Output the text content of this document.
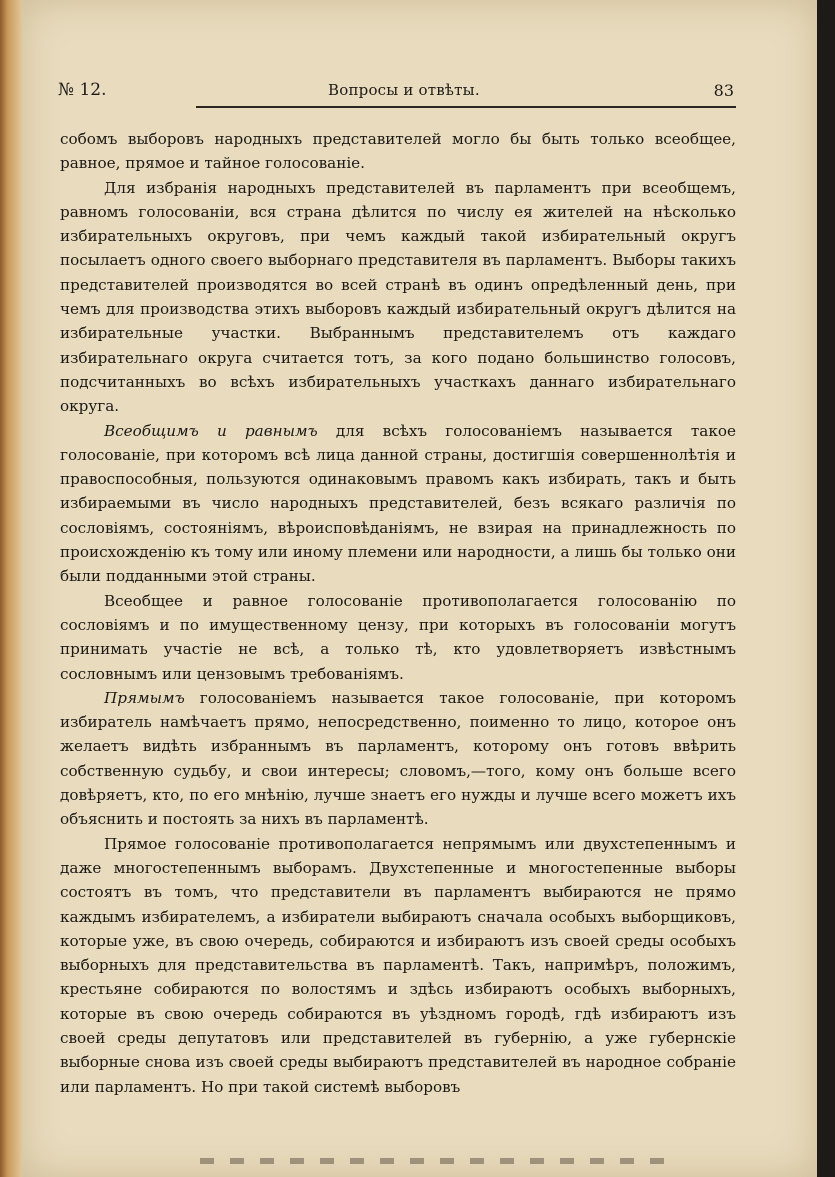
№ 12.	Вопросы и отвѣты.	83

собомъ выборовъ народныхъ представителей могло бы быть только всеобщее, равное, прямое и тайное голосованіе.

Для избранія народныхъ представителей въ парламентъ при всеобщемъ, равномъ голосованіи, вся страна дѣлится по числу ея жителей на нѣсколько избирательныхъ округовъ, при чемъ каждый такой избирательный округъ посылаетъ одного своего выборнаго представителя въ парламентъ. Выборы такихъ представителей производятся во всей странѣ въ одинъ опредѣленный день, при чемъ для производства этихъ выборовъ каждый избирательный округъ дѣлится на избирательные участки. Выбраннымъ представителемъ отъ каждаго избирательнаго округа считается тотъ, за кого подано большинство голосовъ, подсчитанныхъ во всѣхъ избирательныхъ участкахъ даннаго избирательнаго округа.

Всеобщимъ и равнымъ для всѣхъ голосованіемъ называется такое голосованіе, при которомъ всѣ лица данной страны, достигшія совершеннолѣтія и правоспособныя, пользуются одинаковымъ правомъ какъ избирать, такъ и быть избираемыми въ число народныхъ представителей, безъ всякаго различія по сословіямъ, состояніямъ, вѣроисповѣданіямъ, не взирая на принадлежность по происхожденію къ тому или иному племени или народности, а лишь бы только они были подданными этой страны.

Всеобщее и равное голосованіе противополагается голосованію по сословіямъ и по имущественному цензу, при которыхъ въ голосованіи могутъ принимать участіе не всѣ, а только тѣ, кто удовлетворяетъ извѣстнымъ сословнымъ или цензовымъ требованіямъ.

Прямымъ голосованіемъ называется такое голосованіе, при которомъ избиратель намѣчаетъ прямо, непосредственно, поименно то лицо, которое онъ желаетъ видѣть избраннымъ въ парламентъ, которому онъ готовъ ввѣрить собственную судьбу, и свои интересы; словомъ,—того, кому онъ больше всего довѣряетъ, кто, по его мнѣнію, лучше знаетъ его нужды и лучше всего можетъ ихъ объяснить и постоять за нихъ въ парламентѣ.

Прямое голосованіе противополагается непрямымъ или двухстепеннымъ и даже многостепеннымъ выборамъ. Двухстепенные и многостепенные выборы состоятъ въ томъ, что представители въ парламентъ выбираются не прямо каждымъ избирателемъ, а избиратели выбираютъ сначала особыхъ выборщиковъ, которые уже, въ свою очередь, собираются и избираютъ изъ своей среды особыхъ выборныхъ для представительства въ парламентѣ. Такъ, напримѣръ, положимъ, крестьяне собираются по волостямъ и здѣсь избираютъ особыхъ выборныхъ, которые въ свою очередь собираются въ уѣздномъ городѣ, гдѣ избираютъ изъ своей среды депутатовъ или представителей въ губернію, а уже губернскіе выборные снова изъ своей среды выбираютъ представителей въ народное собраніе или парламентъ. Но при такой системѣ выборовъ
